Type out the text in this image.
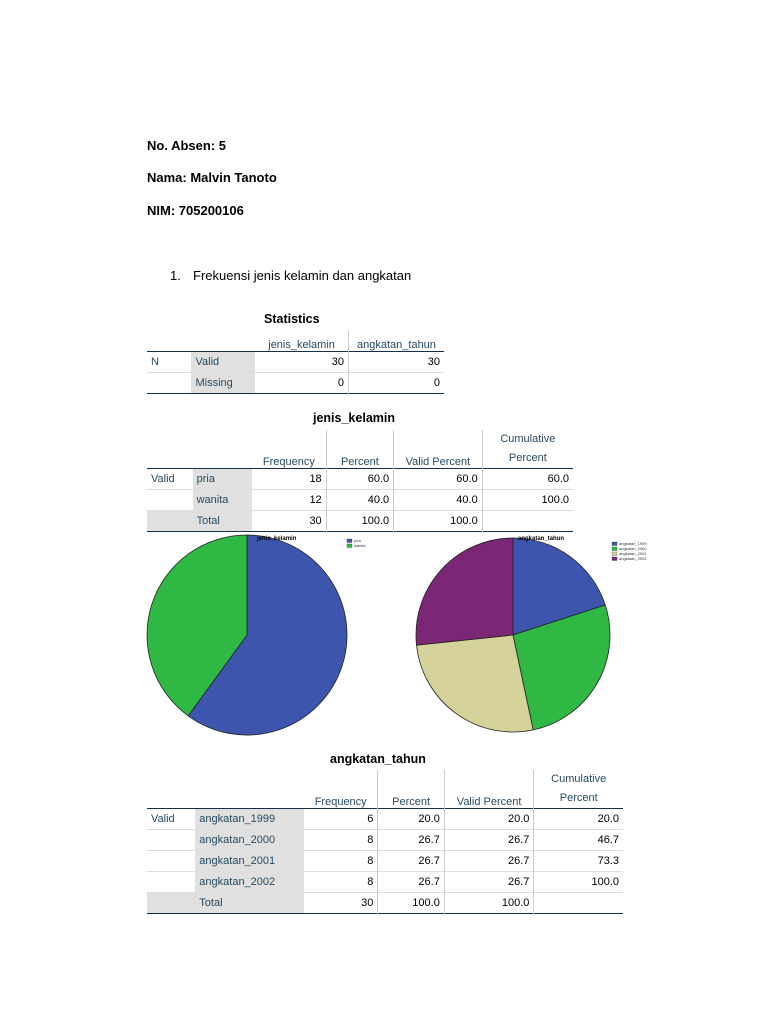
No. Absen: 5
Nama: Malvin Tanoto
NIM: 705200106
1. Frekuensi jenis kelamin dan angkatan
Statistics
		jenis_kelamin	angkatan_tahun
N	Valid	30	30
	Missing	0	0
jenis_kelamin
		Frequency	Percent	Valid Percent	Cumulative
Percent
Valid	pria	18	60.0	60.0	60.0
	wanita	12	40.0	40.0	100.0
	Total	30	100.0	100.0	
jenis_kelamin	pria
wanita
angkatan_tahun
angkatan_1999
angkatan_2000
angkatan_2001
angkatan_2002
angkatan_tahun
		Frequency	Percent	Valid Percent	Cumulative
Percent
Valid	angkatan_1999	6	20.0	20.0	20.0
	angkatan_2000	8	26.7	26.7	46.7
	angkatan_2001	8	26.7	26.7	73.3
	angkatan_2002	8	26.7	26.7	100.0
	Total	30	100.0	100.0	
